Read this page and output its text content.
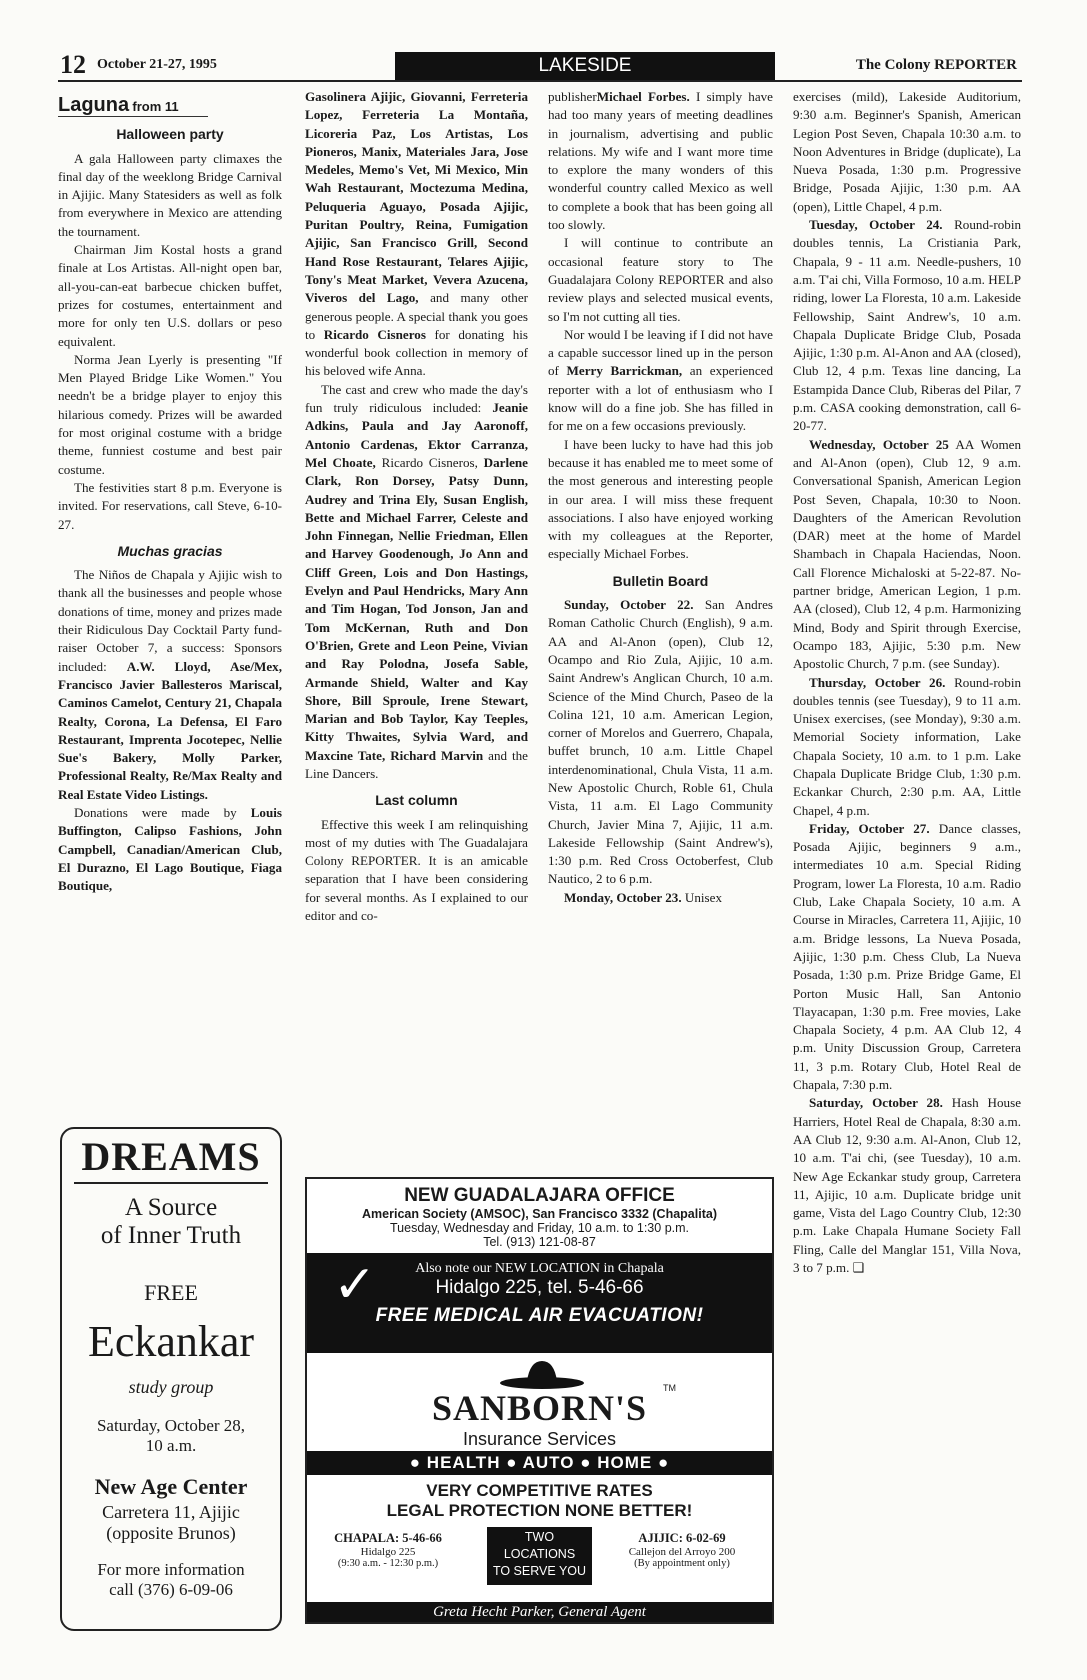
12 October 21-27, 1995	LAKESIDE	The Colony REPORTER
Laguna from 11
Halloween party

A gala Halloween party climaxes the final day of the weeklong Bridge Carnival in Ajijic. Many Statesiders as well as folk from everywhere in Mexico are attending the tournament.

Chairman Jim Kostal hosts a grand finale at Los Artistas. All-night open bar, all-you-can-eat barbecue chicken buffet, prizes for costumes, entertainment and more for only ten U.S. dollars or peso equivalent.

Norma Jean Lyerly is presenting "If Men Played Bridge Like Women." You needn't be a bridge player to enjoy this hilarious comedy. Prizes will be awarded for most original costume with a bridge theme, funniest costume and best pair costume.

The festivities start 8 p.m. Everyone is invited. For reservations, call Steve, 6-10-27.

Muchas gracias

The Niños de Chapala y Ajijic wish to thank all the businesses and people whose donations of time, money and prizes made their Ridiculous Day Cocktail Party fund-raiser October 7, a success: Sponsors included: A.W. Lloyd, Ase/Mex, Francisco Javier Ballesteros Mariscal, Caminos Camelot, Century 21, Chapala Realty, Corona, La Defensa, El Faro Restaurant, Imprenta Jocotepec, Nellie Sue's Bakery, Molly Parker, Professional Realty, Re/Max Realty and Real Estate Video Listings.

Donations were made by Louis Buffington, Calipso Fashions, John Campbell, Canadian/American Club, El Durazno, El Lago Boutique, Fiaga Boutique,

DREAMS
A Source
of Inner Truth
FREE
Eckankar
study group
Saturday, October 28,
10 a.m.
New Age Center
Carretera 11, Ajijic
(opposite Brunos)
For more information
call (376) 6-09-06

Gasolinera Ajijic, Giovanni, Ferreteria Lopez, Ferreteria La Montaña, Licoreria Paz, Los Artistas, Los Pioneros, Manix, Materiales Jara, Jose Medeles, Memo's Vet, Mi Mexico, Min Wah Restaurant, Moctezuma Medina, Peluqueria Aguayo, Posada Ajijic, Puritan Poultry, Reina, Fumigation Ajijic, San Francisco Grill, Second Hand Rose Restaurant, Telares Ajijic, Tony's Meat Market, Vevera Azucena, Viveros del Lago, and many other generous people. A special thank you goes to Ricardo Cisneros for donating his wonderful book collection in memory of his beloved wife Anna.

The cast and crew who made the day's fun truly ridiculous included: Jeanie Adkins, Paula and Jay Aaronoff, Antonio Cardenas, Ektor Carranza, Mel Choate, Ricardo Cisneros, Darlene Clark, Ron Dorsey, Patsy Dunn, Audrey and Trina Ely, Susan English, Bette and Michael Farrer, Celeste and John Finnegan, Nellie Friedman, Ellen and Harvey Goodenough, Jo Ann and Cliff Green, Lois and Don Hastings, Evelyn and Paul Hendricks, Mary Ann and Tim Hogan, Tod Jonson, Jan and Tom McKernan, Ruth and Don O'Brien, Grete and Leon Peine, Vivian and Ray Polodna, Josefa Sable, Armande Shield, Walter and Kay Shore, Bill Sproule, Irene Stewart, Marian and Bob Taylor, Kay Teeples, Kitty Thwaites, Sylvia Ward, and Maxcine Tate, Richard Marvin and the Line Dancers.

Last column

Effective this week I am relinquishing most of my duties with The Guadalajara Colony REPORTER. It is an amicable separation that I have been considering for several months. As I explained to our editor and co-

publisherMichael Forbes. I simply have had too many years of meeting deadlines in journalism, advertising and public relations. My wife and I want more time to explore the many wonders of this wonderful country called Mexico as well to complete a book that has been going all too slowly.

I will continue to contribute an occasional feature story to The Guadalajara Colony REPORTER and also review plays and selected musical events, so I'm not cutting all ties.

Nor would I be leaving if I did not have a capable successor lined up in the person of Merry Barrickman, an experienced reporter with a lot of enthusiasm who I know will do a fine job. She has filled in for me on a few occasions previously.

I have been lucky to have had this job because it has enabled me to meet some of the most generous and interesting people in our area. I will miss these frequent associations. I also have enjoyed working with my colleagues at the Reporter, especially Michael Forbes.

Bulletin Board

Sunday, October 22. San Andres Roman Catholic Church (English), 9 a.m. AA and Al-Anon (open), Club 12, Ocampo and Rio Zula, Ajijic, 10 a.m. Saint Andrew's Anglican Church, 10 a.m. Science of the Mind Church, Paseo de la Colina 121, 10 a.m. American Legion, corner of Morelos and Guerrero, Chapala, buffet brunch, 10 a.m. Little Chapel interdenominational, Chula Vista, 11 a.m. New Apostolic Church, Roble 61, Chula Vista, 11 a.m. El Lago Community Church, Javier Mina 7, Ajijic, 11 a.m. Lakeside Fellowship (Saint Andrew's), 1:30 p.m. Red Cross Octoberfest, Club Nautico, 2 to 6 p.m.

Monday, October 23. Unisex

exercises (mild), Lakeside Auditorium, 9:30 a.m. Beginner's Spanish, American Legion Post Seven, Chapala 10:30 a.m. to Noon Adventures in Bridge (duplicate), La Nueva Posada, 1:30 p.m. Progressive Bridge, Posada Ajijic, 1:30 p.m. AA (open), Little Chapel, 4 p.m.

Tuesday, October 24. Round-robin doubles tennis, La Cristiania Park, Chapala, 9 - 11 a.m. Needle-pushers, 10 a.m. T'ai chi, Villa Formoso, 10 a.m. HELP riding, lower La Floresta, 10 a.m. Lakeside Fellowship, Saint Andrew's, 10 a.m. Chapala Duplicate Bridge Club, Posada Ajijic, 1:30 p.m. Al-Anon and AA (closed), Club 12, 4 p.m. Texas line dancing, La Estampida Dance Club, Riberas del Pilar, 7 p.m. CASA cooking demonstration, call 6-20-77.

Wednesday, October 25 AA Women and Al-Anon (open), Club 12, 9 a.m. Conversational Spanish, American Legion Post Seven, Chapala, 10:30 to Noon. Daughters of the American Revolution (DAR) meet at the home of Mardel Shambach in Chapala Haciendas, Noon. Call Florence Michaloski at 5-22-87. No-partner bridge, American Legion, 1 p.m. AA (closed), Club 12, 4 p.m. Harmonizing Mind, Body and Spirit through Exercise, Ocampo 183, Ajijic, 5:30 p.m. New Apostolic Church, 7 p.m. (see Sunday).

Thursday, October 26. Round-robin doubles tennis (see Tuesday), 9 to 11 a.m. Unisex exercises, (see Monday), 9:30 a.m. Memorial Society information, Lake Chapala Society, 10 a.m. to 1 p.m. Lake Chapala Duplicate Bridge Club, 1:30 p.m. Eckankar Church, 2:30 p.m. AA, Little Chapel, 4 p.m.

Friday, October 27. Dance classes, Posada Ajijic, beginners 9 a.m., intermediates 10 a.m. Special Riding Program, lower La Floresta, 10 a.m. Radio Club, Lake Chapala Society, 10 a.m. A Course in Miracles, Carretera 11, Ajijic, 10 a.m. Bridge lessons, La Nueva Posada, Ajijic, 1:30 p.m. Chess Club, La Nueva Posada, 1:30 p.m. Prize Bridge Game, El Porton Music Hall, San Antonio Tlayacapan, 1:30 p.m. Free movies, Lake Chapala Society, 4 p.m. AA Club 12, 4 p.m. Unity Discussion Group, Carretera 11, 3 p.m. Rotary Club, Hotel Real de Chapala, 7:30 p.m.

Saturday, October 28. Hash House Harriers, Hotel Real de Chapala, 8:30 a.m. AA Club 12, 9:30 a.m. Al-Anon, Club 12, 10 a.m. T'ai chi, (see Tuesday), 10 a.m. New Age Eckankar study group, Carretera 11, Ajijic, 10 a.m. Duplicate bridge unit game, Vista del Lago Country Club, 12:30 p.m. Lake Chapala Humane Society Fall Fling, Calle del Manglar 151, Villa Nova, 3 to 7 p.m. ❑

NEW GUADALAJARA OFFICE
American Society (AMSOC), San Francisco 3332 (Chapalita)
Tuesday, Wednesday and Friday, 10 a.m. to 1:30 p.m.
Tel. (913) 121-08-87
✓	Also note our NEW LOCATION in Chapala
Hidalgo 225, tel. 5-46-66
FREE MEDICAL AIR EVACUATION!
SANBORN'S	TM
Insurance Services
● HEALTH ● AUTO ● HOME ●
VERY COMPETITIVE RATES
LEGAL PROTECTION NONE BETTER!
CHAPALA: 5-46-66
Hidalgo 225
(9:30 a.m. - 12:30 p.m.)
TWO
LOCATIONS
TO SERVE YOU
AJIJIC: 6-02-69
Callejon del Arroyo 200
(By appointment only)
Greta Hecht Parker, General Agent
